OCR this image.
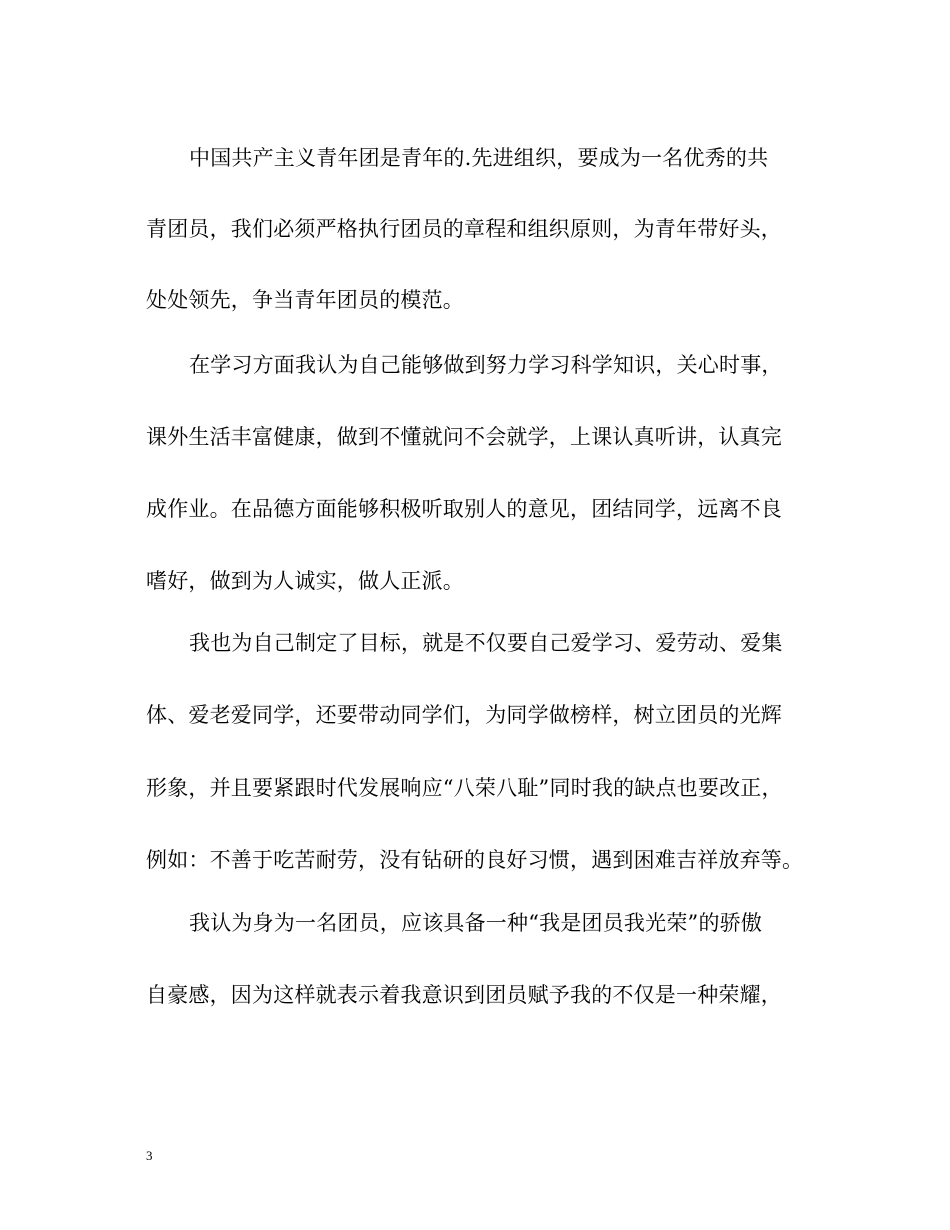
中国共产主义青年团是青年的.先进组织，要成为一名优秀的共
青团员，我们必须严格执行团员的章程和组织原则，为青年带好头，
处处领先，争当青年团员的模范。
在学习方面我认为自己能够做到努力学习科学知识，关心时事，
课外生活丰富健康，做到不懂就问不会就学，上课认真听讲，认真完
成作业。在品德方面能够积极听取别人的意见，团结同学，远离不良
嗜好，做到为人诚实，做人正派。
我也为自己制定了目标，就是不仅要自己爱学习、爱劳动、爱集
体、爱老爱同学，还要带动同学们，为同学做榜样，树立团员的光辉
形象，并且要紧跟时代发展响应“八荣八耻”同时我的缺点也要改正，
例如：不善于吃苦耐劳，没有钻研的良好习惯，遇到困难吉祥放弃等。
我认为身为一名团员，应该具备一种“我是团员我光荣”的骄傲
自豪感，因为这样就表示着我意识到团员赋予我的不仅是一种荣耀，
3
